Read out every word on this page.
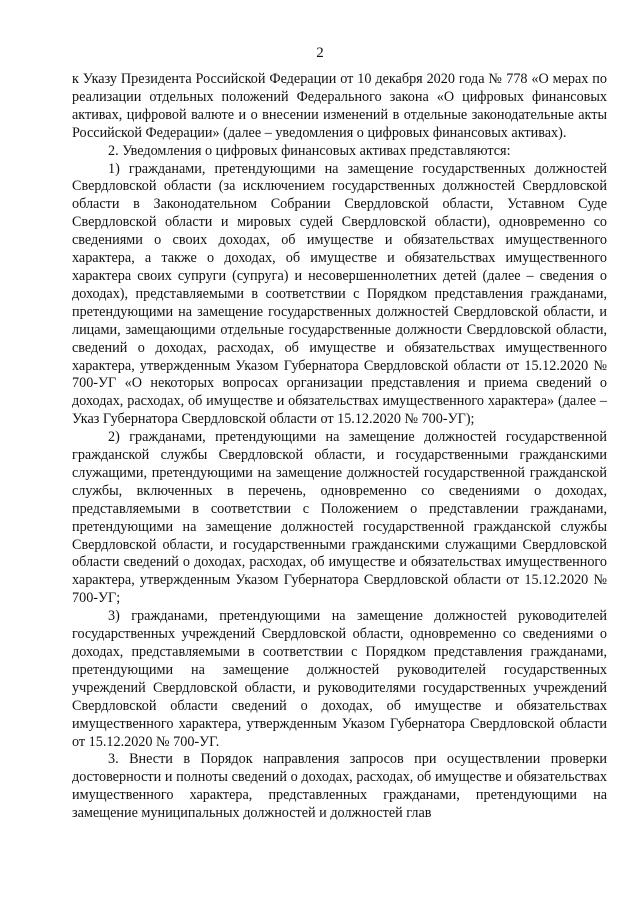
2

к Указу Президента Российской Федерации от 10 декабря 2020 года № 778 «О мерах по реализации отдельных положений Федерального закона «О цифровых финансовых активах, цифровой валюте и о внесении изменений в отдельные законодательные акты Российской Федерации» (далее – уведомления о цифровых финансовых активах).

2. Уведомления о цифровых финансовых активах представляются:

1) гражданами, претендующими на замещение государственных должностей Свердловской области (за исключением государственных должностей Свердловской области в Законодательном Собрании Свердловской области, Уставном Суде Свердловской области и мировых судей Свердловской области), одновременно со сведениями о своих доходах, об имуществе и обязательствах имущественного характера, а также о доходах, об имуществе и обязательствах имущественного характера своих супруги (супруга) и несовершеннолетних детей (далее – сведения о доходах), представляемыми в соответствии с Порядком представления гражданами, претендующими на замещение государственных должностей Свердловской области, и лицами, замещающими отдельные государственные должности Свердловской области, сведений о доходах, расходах, об имуществе и обязательствах имущественного характера, утвержденным Указом Губернатора Свердловской области от 15.12.2020 № 700-УГ «О некоторых вопросах организации представления и приема сведений о доходах, расходах, об имуществе и обязательствах имущественного характера» (далее – Указ Губернатора Свердловской области от 15.12.2020 № 700-УГ);

2) гражданами, претендующими на замещение должностей государственной гражданской службы Свердловской области, и государственными гражданскими служащими, претендующими на замещение должностей государственной гражданской службы, включенных в перечень, одновременно со сведениями о доходах, представляемыми в соответствии с Положением о представлении гражданами, претендующими на замещение должностей государственной гражданской службы Свердловской области, и государственными гражданскими служащими Свердловской области сведений о доходах, расходах, об имуществе и обязательствах имущественного характера, утвержденным Указом Губернатора Свердловской области от 15.12.2020 № 700-УГ;

3) гражданами, претендующими на замещение должностей руководителей государственных учреждений Свердловской области, одновременно со сведениями о доходах, представляемыми в соответствии с Порядком представления гражданами, претендующими на замещение должностей руководителей государственных учреждений Свердловской области, и руководителями государственных учреждений Свердловской области сведений о доходах, об имуществе и обязательствах имущественного характера, утвержденным Указом Губернатора Свердловской области от 15.12.2020 № 700-УГ.

3. Внести в Порядок направления запросов при осуществлении проверки достоверности и полноты сведений о доходах, расходах, об имуществе и обязательствах имущественного характера, представленных гражданами, претендующими на замещение муниципальных должностей и должностей глав
